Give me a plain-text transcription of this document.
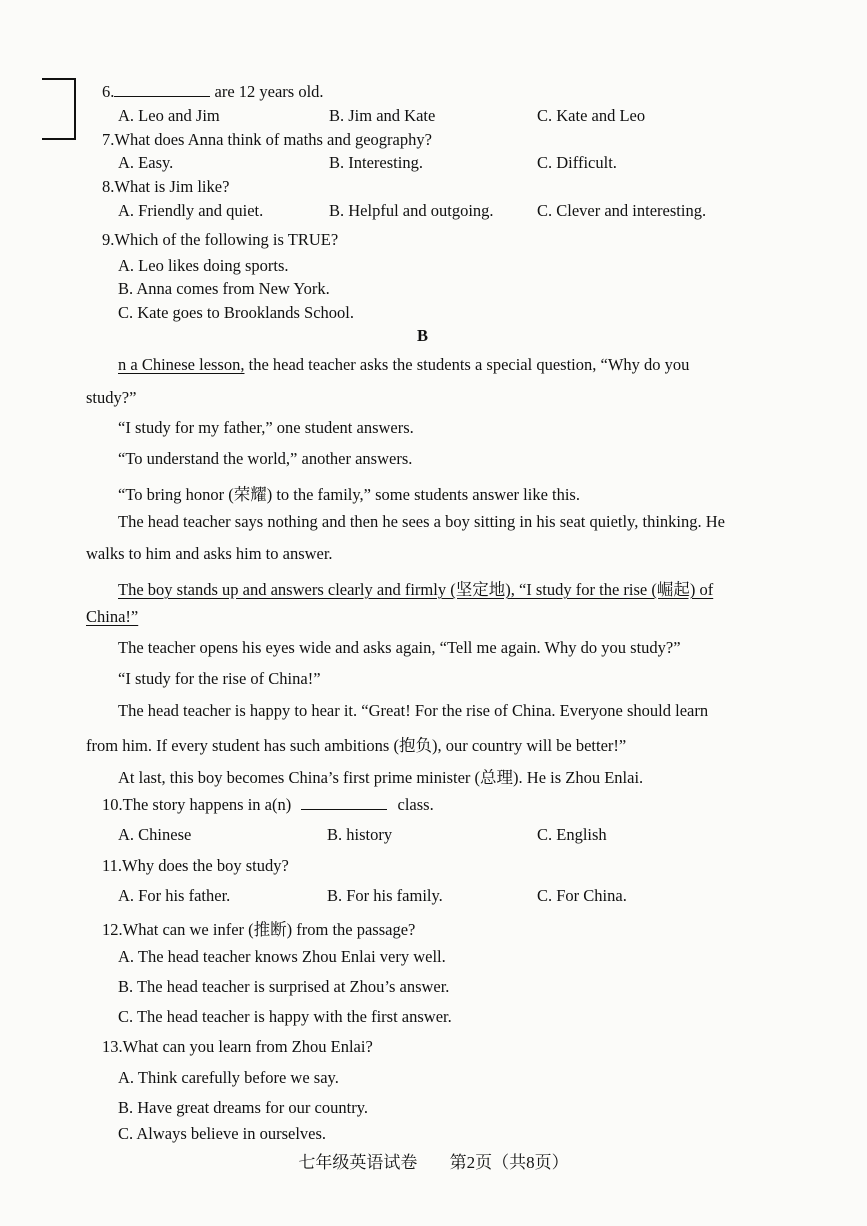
6.	are 12 years old.
A. Leo and Jim	B. Jim and Kate	C. Kate and Leo
7.What does Anna think of maths and geography?
A. Easy.	B. Interesting.	C. Difficult.
8.What is Jim like?
A. Friendly and quiet.	B. Helpful and outgoing.	C. Clever and interesting.
9.Which of the following is TRUE?
A. Leo likes doing sports.
B. Anna comes from New York.
C. Kate goes to Brooklands School.
B
n a Chinese lesson, the head teacher asks the students a special question, “Why do you
study?”
“I study for my father,” one student answers.
“To understand the world,” another answers.
“To bring honor (荣耀) to the family,” some students answer like this.
The head teacher says nothing and then he sees a boy sitting in his seat quietly, thinking. He
walks to him and asks him to answer.
The boy stands up and answers clearly and firmly (坚定地), “I study for the rise (崛起) of
China!”
The teacher opens his eyes wide and asks again, “Tell me again. Why do you study?”
“I study for the rise of China!”
The head teacher is happy to hear it. “Great! For the rise of China. Everyone should learn
from him. If every student has such ambitions (抱负), our country will be better!”
At last, this boy becomes China’s first prime minister (总理). He is Zhou Enlai.
10.The story happens in a(n)	class.
A. Chinese	B. history	C. English
11.Why does the boy study?
A. For his father.	B. For his family.	C. For China.
12.What can we infer (推断) from the passage?
A. The head teacher knows Zhou Enlai very well.
B. The head teacher is surprised at Zhou’s answer.
C. The head teacher is happy with the first answer.
13.What can you learn from Zhou Enlai?
A. Think carefully before we say.
B. Have great dreams for our country.
C. Always believe in ourselves.
七年级英语试卷 第2页（共8页）
